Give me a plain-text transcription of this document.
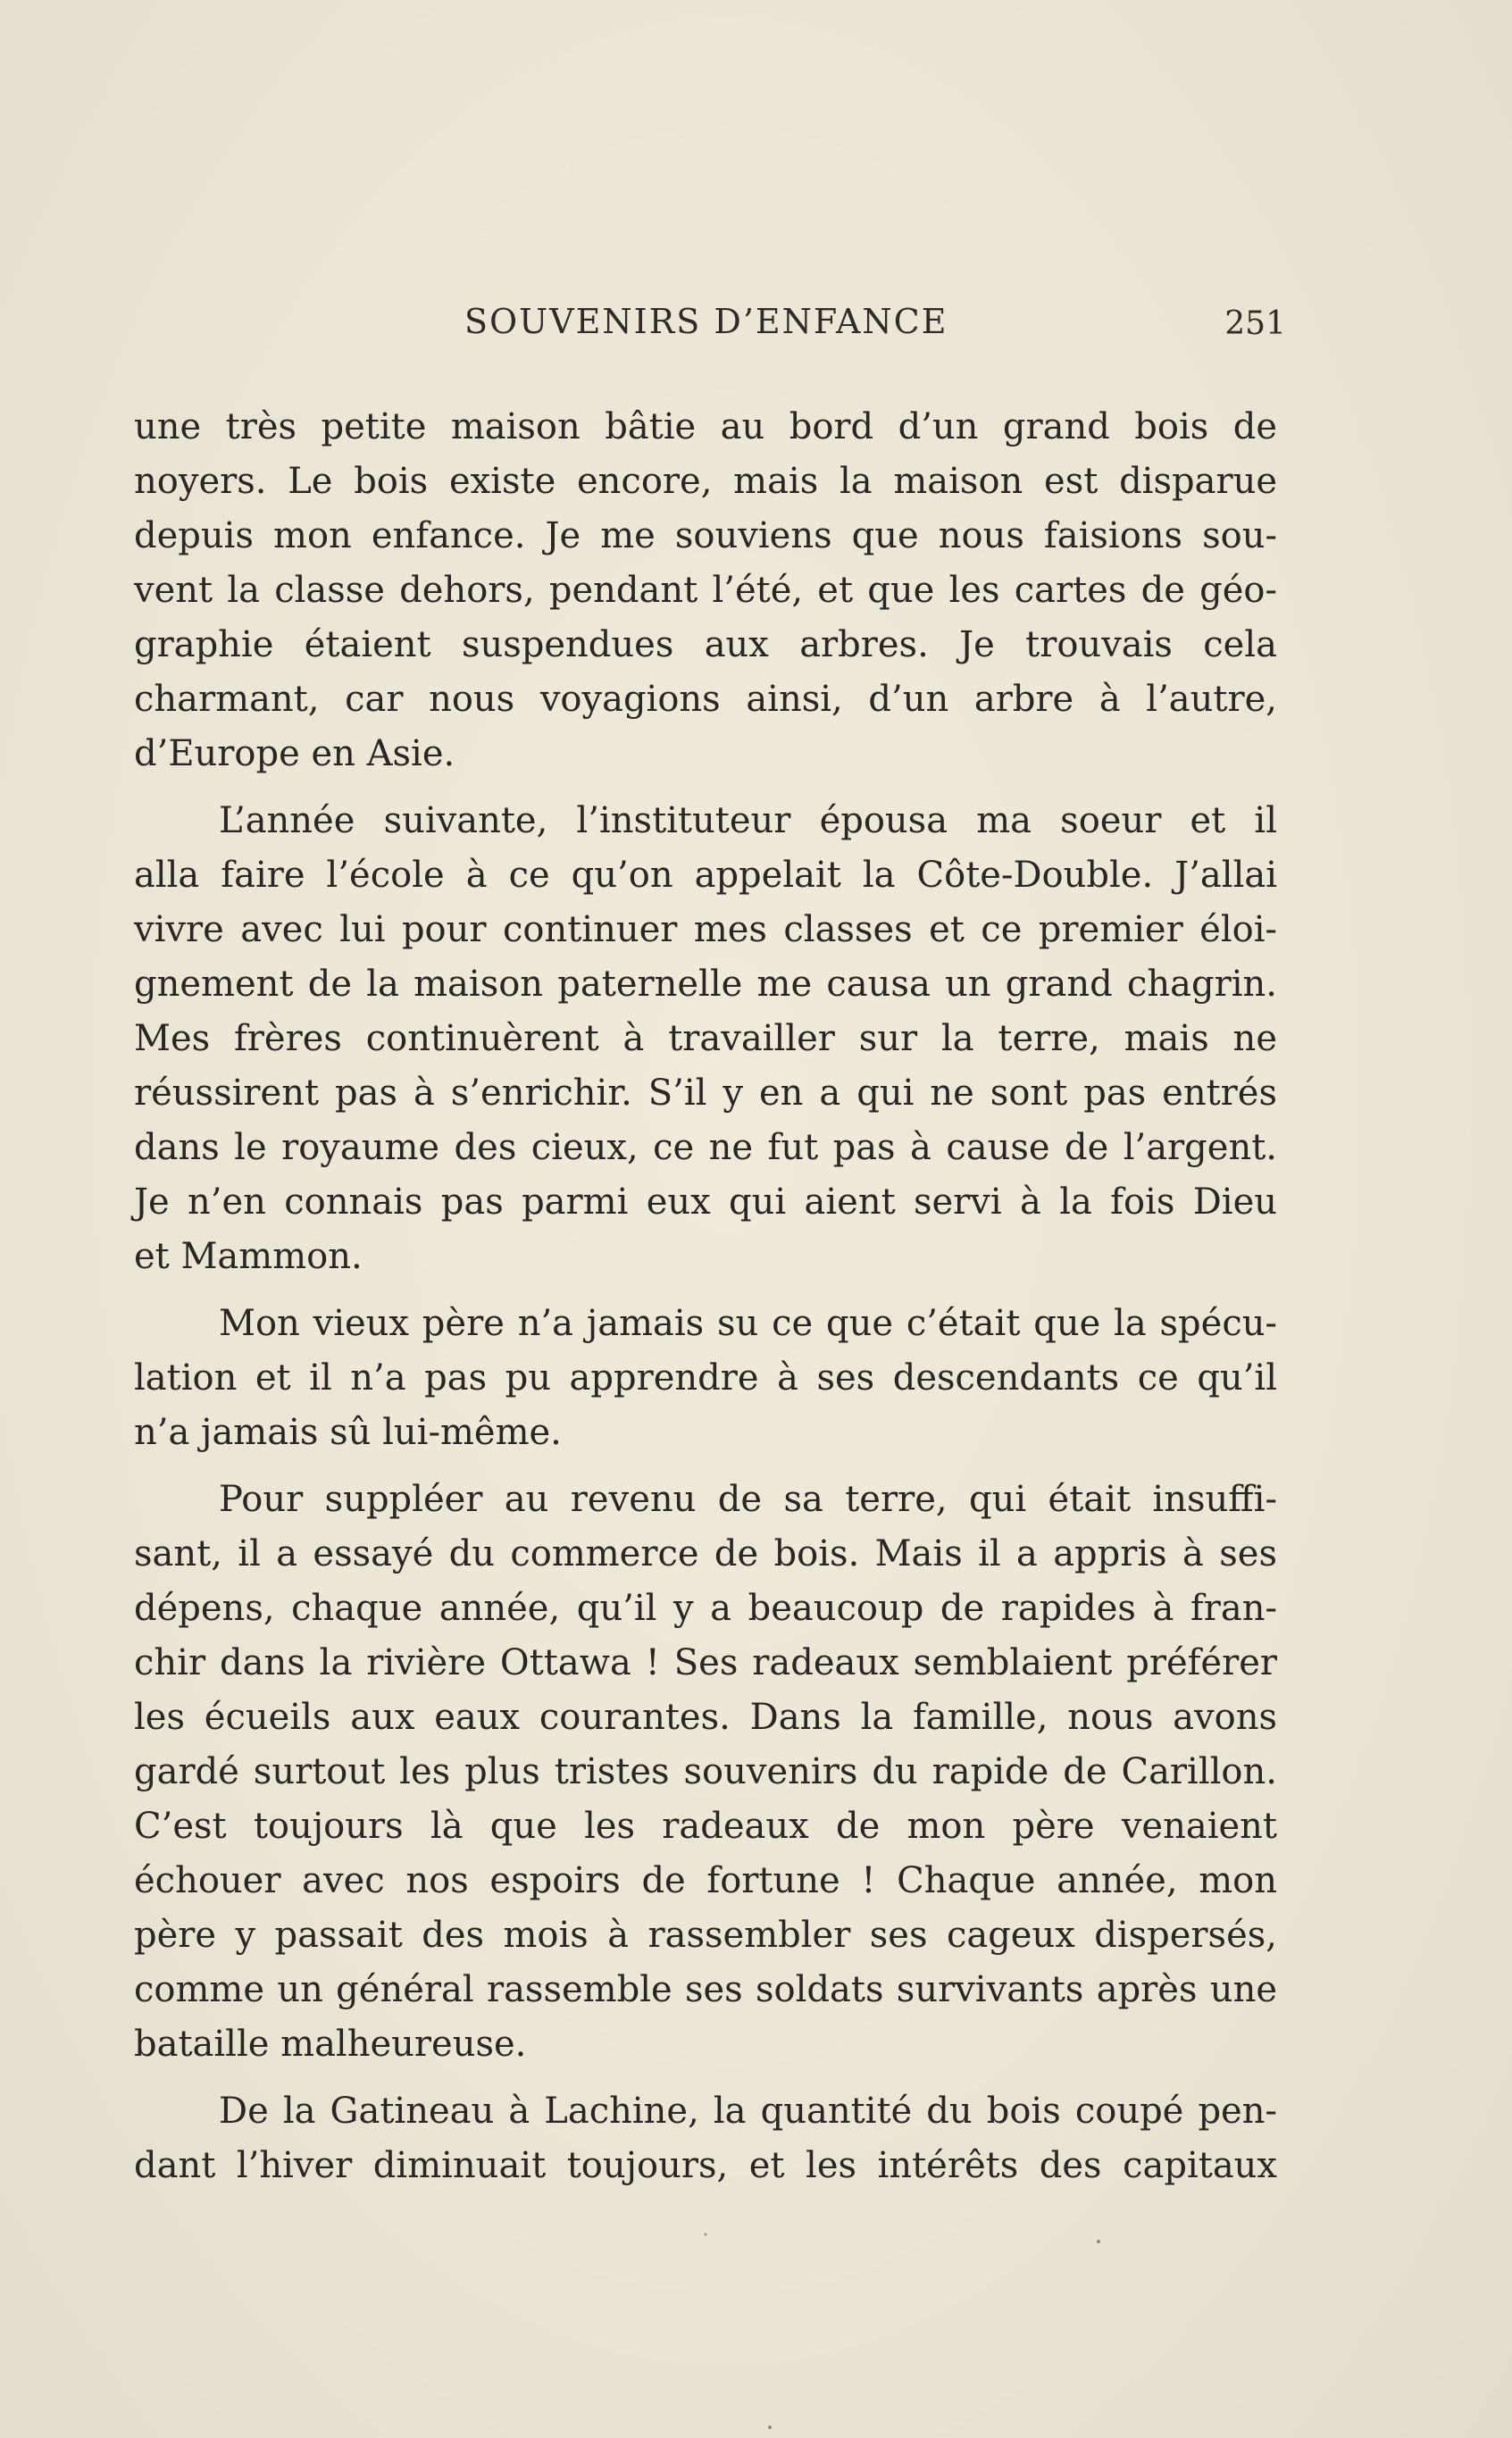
SOUVENIRS D’ENFANCE	251

une très petite maison bâtie au bord d’un grand bois de
noyers. Le bois existe encore, mais la maison est disparue
depuis mon enfance. Je me souviens que nous faisions sou-
vent la classe dehors, pendant l’été, et que les cartes de géo-
graphie étaient suspendues aux arbres. Je trouvais cela
charmant, car nous voyagions ainsi, d’un arbre à l’autre,
d’Europe en Asie.

L’année suivante, l’instituteur épousa ma soeur et il
alla faire l’école à ce qu’on appelait la Côte-Double. J’allai
vivre avec lui pour continuer mes classes et ce premier éloi-
gnement de la maison paternelle me causa un grand chagrin.
Mes frères continuèrent à travailler sur la terre, mais ne
réussirent pas à s’enrichir. S’il y en a qui ne sont pas entrés
dans le royaume des cieux, ce ne fut pas à cause de l’argent.
Je n’en connais pas parmi eux qui aient servi à la fois Dieu
et Mammon.

Mon vieux père n’a jamais su ce que c’était que la spécu-
lation et il n’a pas pu apprendre à ses descendants ce qu’il
n’a jamais sû lui-même.

Pour suppléer au revenu de sa terre, qui était insuffi-
sant, il a essayé du commerce de bois. Mais il a appris à ses
dépens, chaque année, qu’il y a beaucoup de rapides à fran-
chir dans la rivière Ottawa ! Ses radeaux semblaient préférer
les écueils aux eaux courantes. Dans la famille, nous avons
gardé surtout les plus tristes souvenirs du rapide de Carillon.
C’est toujours là que les radeaux de mon père venaient
échouer avec nos espoirs de fortune ! Chaque année, mon
père y passait des mois à rassembler ses cageux dispersés,
comme un général rassemble ses soldats survivants après une
bataille malheureuse.

De la Gatineau à Lachine, la quantité du bois coupé pen-
dant l’hiver diminuait toujours, et les intérêts des capitaux
